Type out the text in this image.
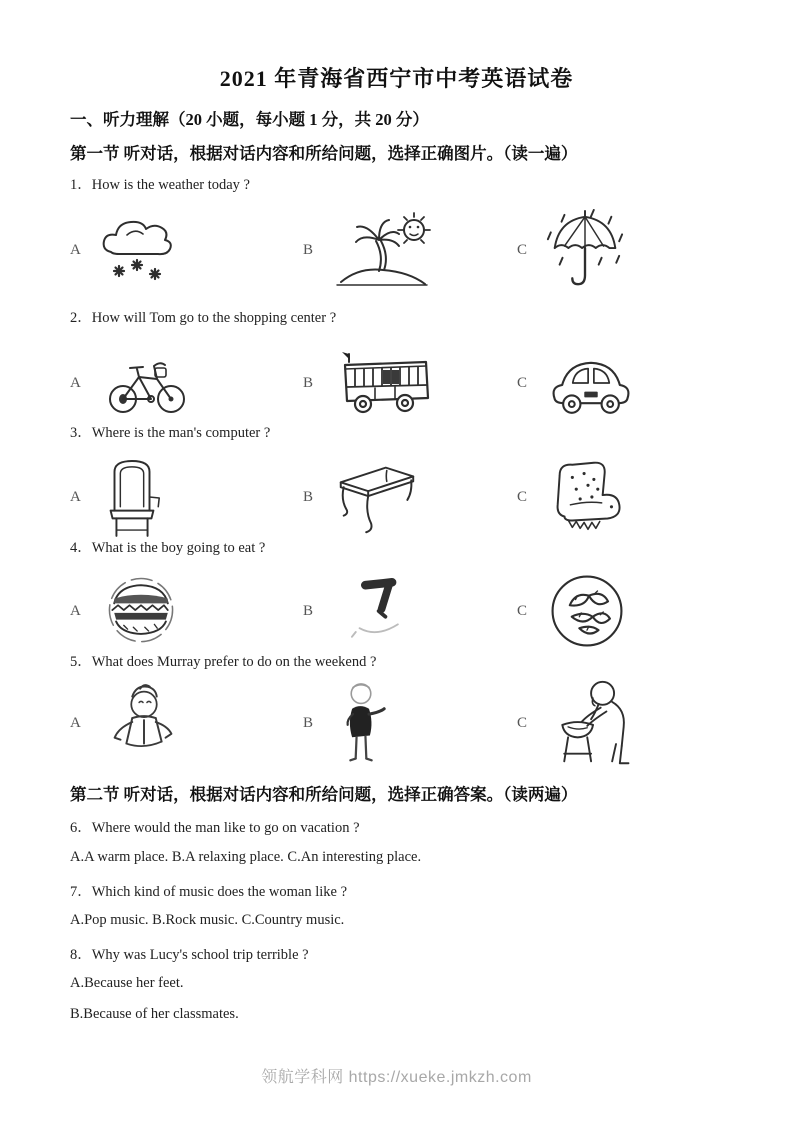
2021 年青海省西宁市中考英语试卷
一、听力理解（20 小题，每小题 1 分，共 20 分）
第一节 听对话，根据对话内容和所给问题，选择正确图片。（读一遍）
1．How is the weather today ?
A	B	C
2．How will Tom go to the shopping center ?
A	B	C
3．Where is the man's computer ?
A	B	C
4．What is the boy going to eat ?
A	B	C
5．What does Murray prefer to do on the weekend ?
A	B	C
第二节 听对话，根据对话内容和所给问题，选择正确答案。（读两遍）
6．Where would the man like to go on vacation ?
A.A warm place. B.A relaxing place. C.An interesting place.
7．Which kind of music does the woman like ?
A.Pop music. B.Rock music. C.Country music.
8．Why was Lucy's school trip terrible ?
A.Because her feet.
B.Because of her classmates.
领航学科网 https://xueke.jmkzh.com
